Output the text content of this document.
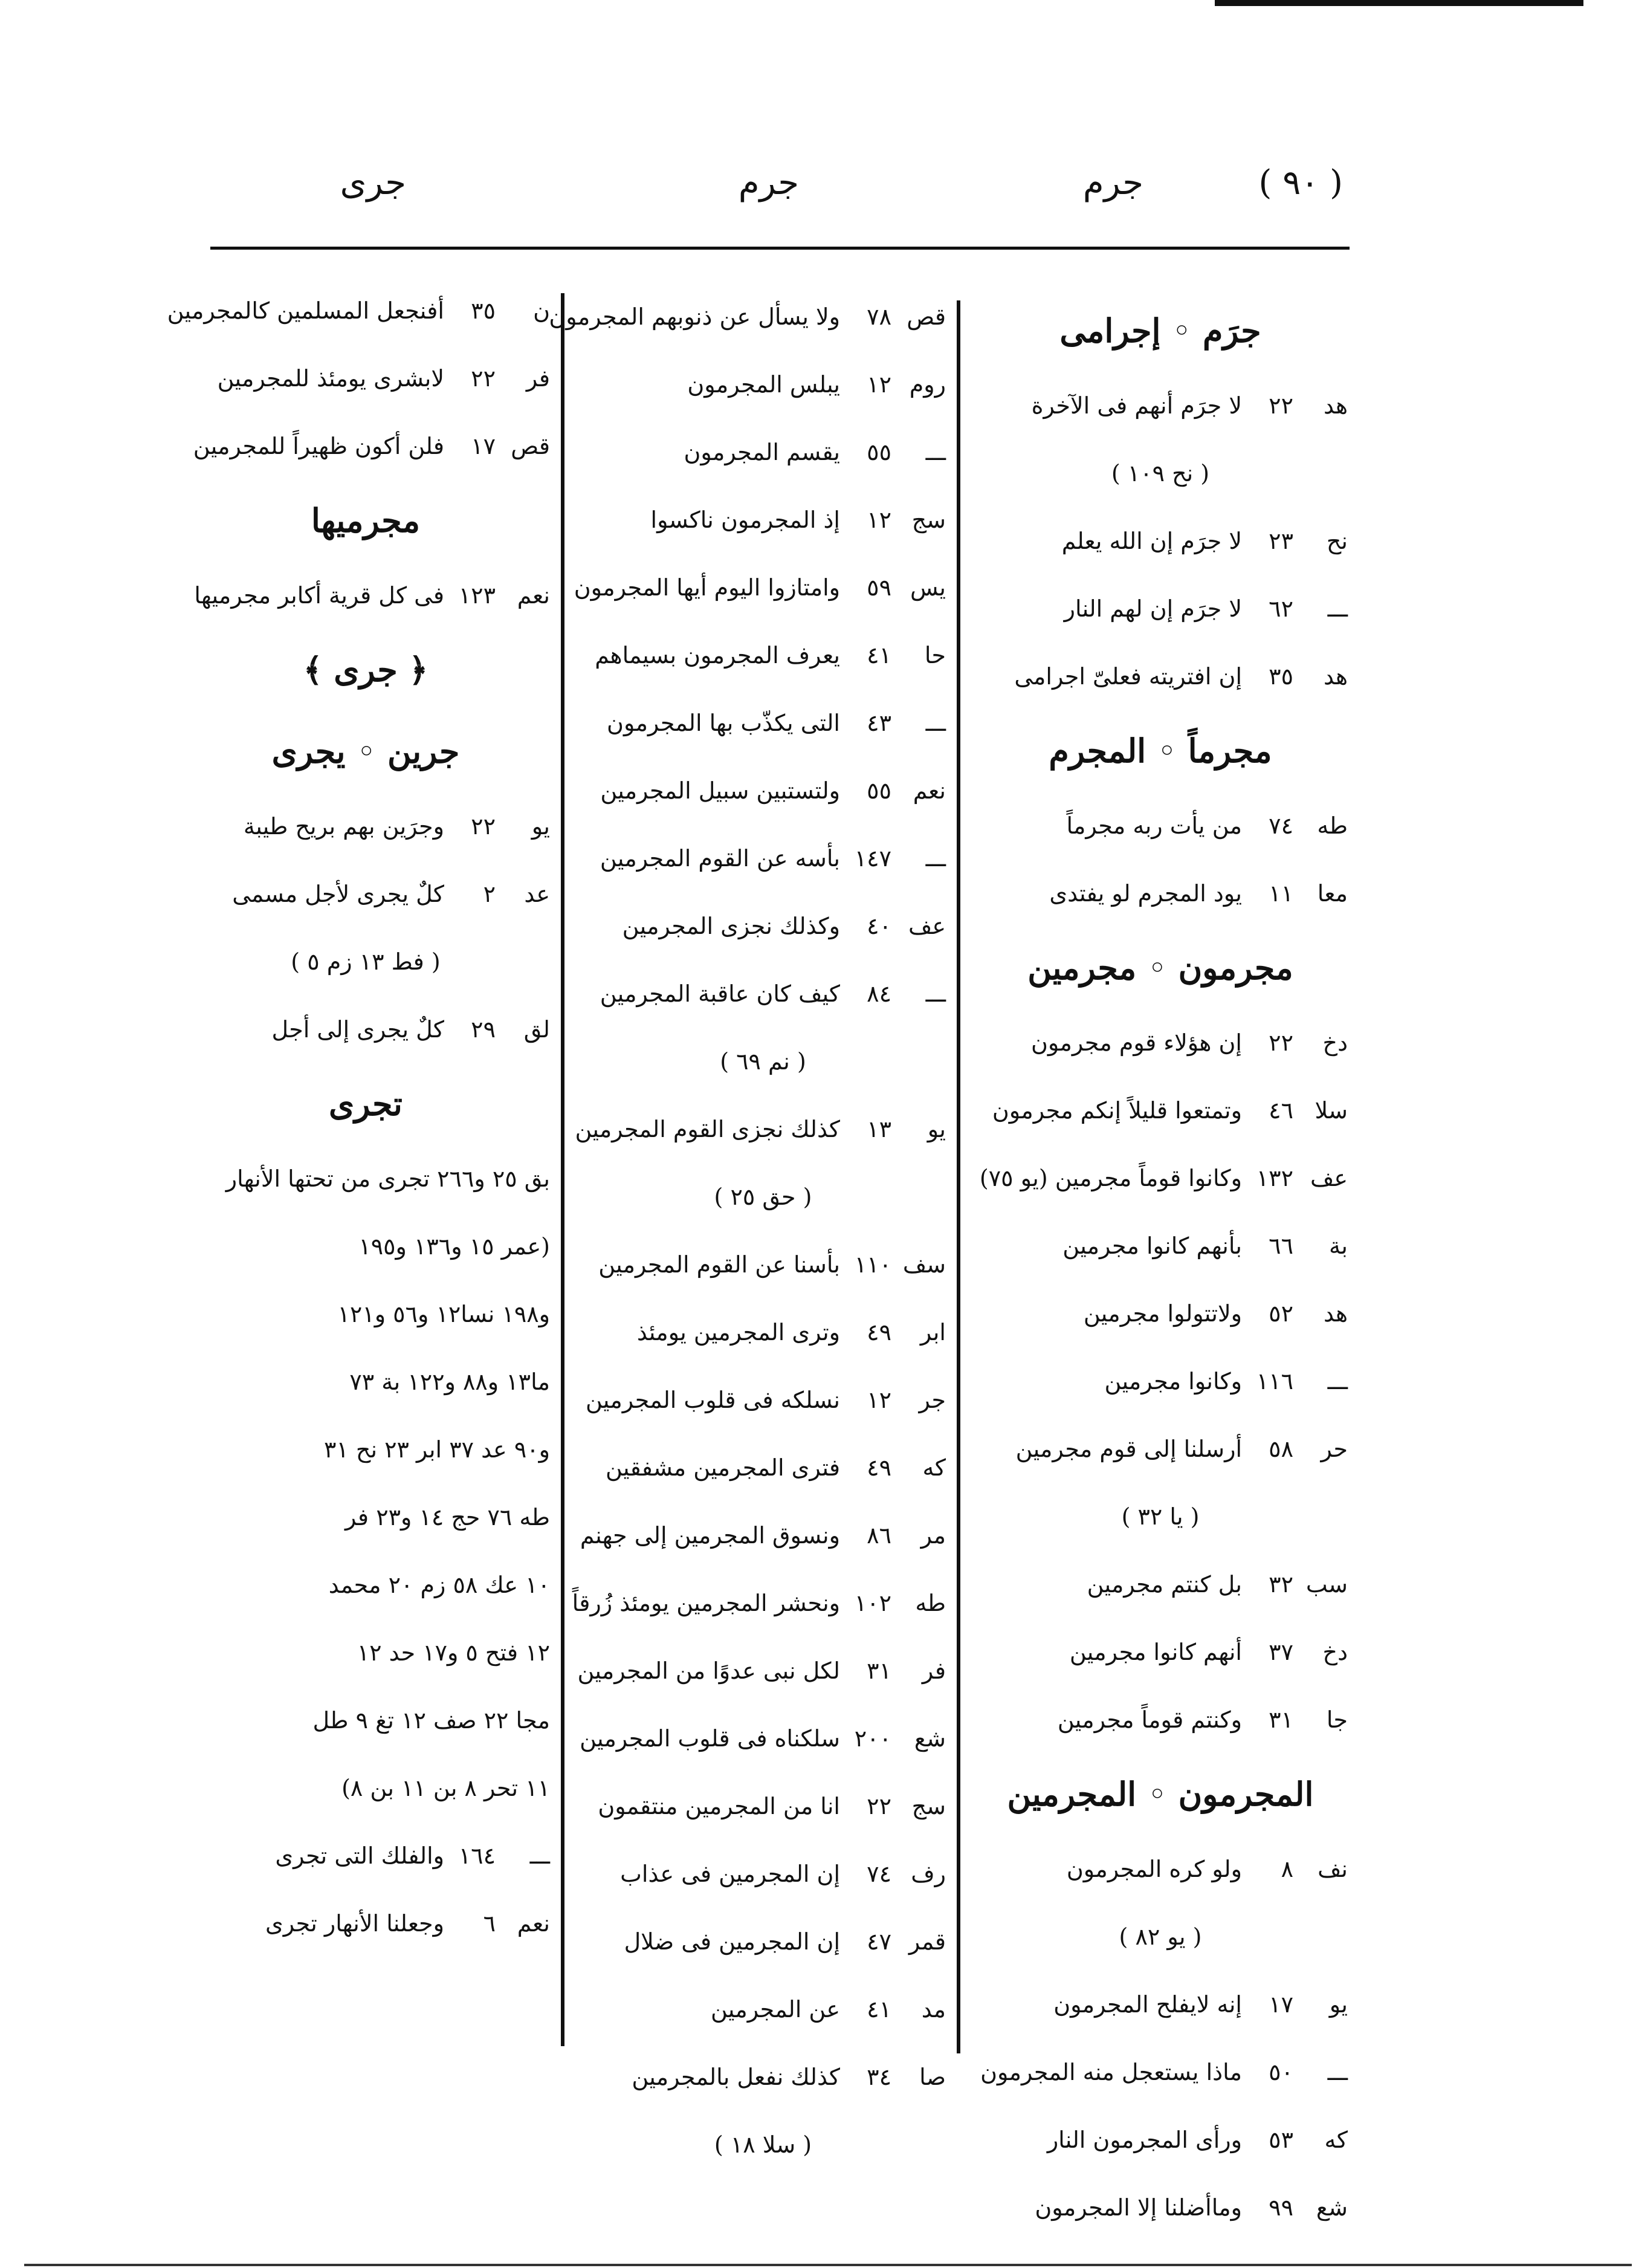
( ٩٠ )
جرم
جرم
جرى
جرَم ◦ إجرامى
هد٢٢لا جرَم أنهم فى الآخرة
( نح ١٠٩ )
نح٢٣لا جرَم إن الله يعلم
ـــ٦٢لا جرَم إن لهم النار
هد٣٥إن افتريته فعلىّ اجرامى
مجرماً ◦ المجرم
طه٧٤من يأت ربه مجرماً
معا١١يود المجرم لو يفتدى
مجرمون ◦ مجرمين
دخ٢٢إن هؤلاء قوم مجرمون
سلا٤٦وتمتعوا قليلاً إنكم مجرمون
عف١٣٢وكانوا قوماً مجرمين (يو ٧٥)
بة٦٦بأنهم كانوا مجرمين
هد٥٢ولاتتولوا مجرمين
ـــ١١٦وكانوا مجرمين
حر٥٨أرسلنا إلى قوم مجرمين
( يا ٣٢ )
سب٣٢بل كنتم مجرمين
دخ٣٧أنهم كانوا مجرمين
جا٣١وكنتم قوماً مجرمين
المجرمون ◦ المجرمين
نف٨ولو كره المجرمون
( يو ٨٢ )
يو١٧إنه لايفلح المجرمون
ـــ٥٠ماذا يستعجل منه المجرمون
كه٥٣ورأى المجرمون النار
شع٩٩وماأضلنا إلا المجرمون
قص٧٨ولا يسأل عن ذنوبهم المجرمون
روم١٢يبلس المجرمون
ـــ٥٥يقسم المجرمون
سج١٢إذ المجرمون ناكسوا
يس٥٩وامتازوا اليوم أيها المجرمون
حا٤١يعرف المجرمون بسيماهم
ـــ٤٣التى يكذّب بها المجرمون
نعم٥٥ولتستبين سبيل المجرمين
ـــ١٤٧بأسه عن القوم المجرمين
عف٤٠وكذلك نجزى المجرمين
ـــ٨٤كيف كان عاقبة المجرمين
( نم ٦٩ )
يو١٣كذلك نجزى القوم المجرمين
( حق ٢٥ )
سف١١٠بأسنا عن القوم المجرمين
ابر٤٩وترى المجرمين يومئذ
جر١٢نسلكه فى قلوب المجرمين
كه٤٩فترى المجرمين مشفقين
مر٨٦ونسوق المجرمين إلى جهنم
طه١٠٢ونحشر المجرمين يومئذ زُرقاً
فر٣١لكل نبى عدوًا من المجرمين
شع٢٠٠سلكناه فى قلوب المجرمين
سج٢٢انا من المجرمين منتقمون
رف٧٤إن المجرمين فى عذاب
قمر٤٧إن المجرمين فى ضلال
مد٤١عن المجرمين
صا٣٤كذلك نفعل بالمجرمين
( سلا ١٨ )
ن٣٥أفنجعل المسلمين كالمجرمين
فر٢٢لابشرى يومئذ للمجرمين
قص١٧فلن أكون ظهيراً للمجرمين
مجرميها
نعم١٢٣فى كل قرية أكابر مجرميها
﴿ جرى ﴾
جرين ◦ يجرى
يو٢٢وجرَين بهم بريح طيبة
عد٢كلٌ يجرى لأجل مسمى
( فط ١٣ زم ٥ )
لق٢٩كلٌ يجرى إلى أجل
تجرى
بق ٢٥ و٢٦٦ تجرى من تحتها الأنهار
(عمر ١٥ و١٣٦ و١٩٥
و١٩٨ نسا١٢ و٥٦ و١٢١
ما١٣ و٨٨ و١٢٢ بة ٧٣
و٩٠ عد ٣٧ ابر ٢٣ نح ٣١
طه ٧٦ حج ١٤ و٢٣ فر
١٠ عك ٥٨ زم ٢٠ محمد
١٢ فتح ٥ و١٧ حد ١٢
مجا ٢٢ صف ١٢ تغ ٩ طل
١١ تحر ٨ بن ١١ بن ٨)
ـــ١٦٤والفلك التى تجرى
نعم٦وجعلنا الأنهار تجرى
